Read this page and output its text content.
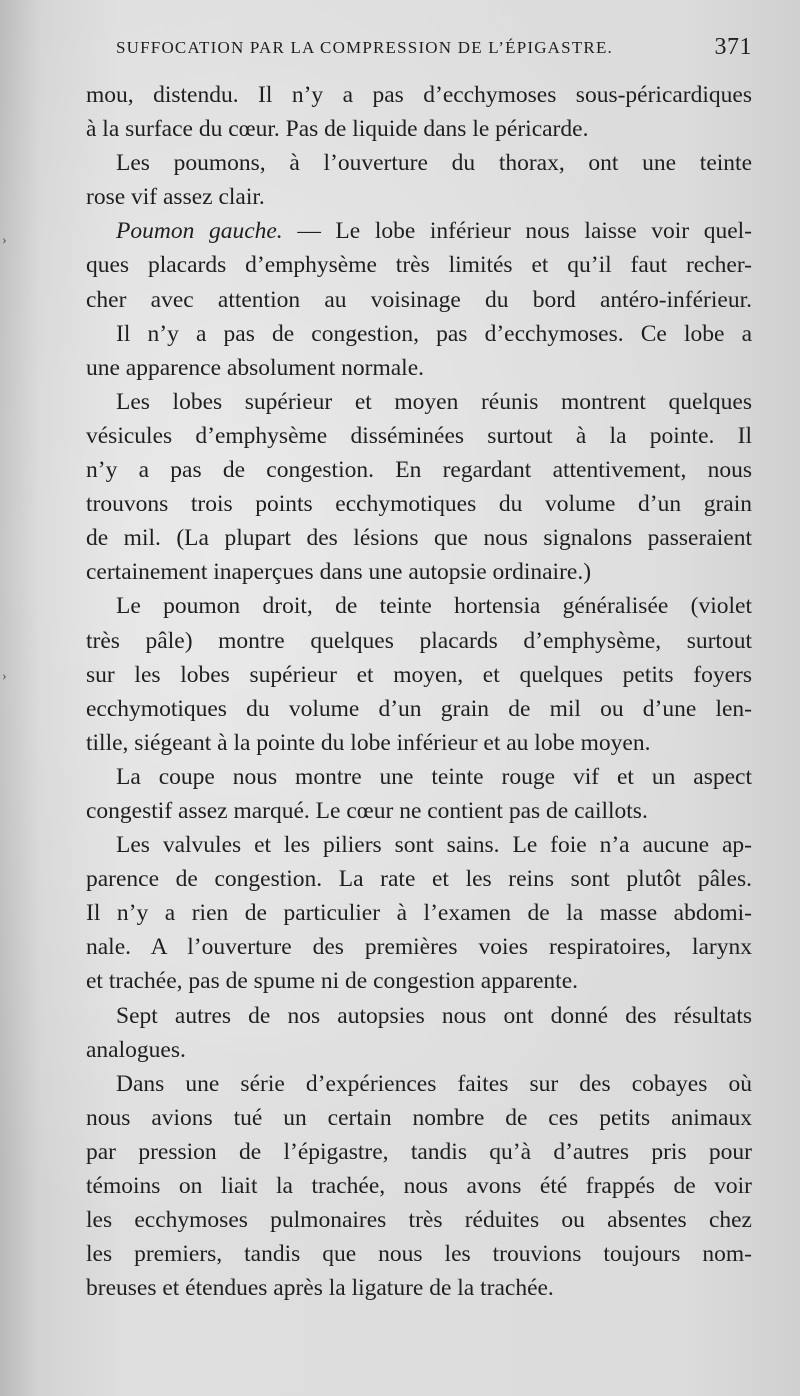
›
›
SUFFOCATION PAR LA COMPRESSION DE L’ÉPIGASTRE.	371
mou, distendu. Il n’y a pas d’ecchymoses sous-péricardiques
à la surface du cœur. Pas de liquide dans le péricarde.
Les poumons, à l’ouverture du thorax, ont une teinte
rose vif assez clair.
Poumon gauche. — Le lobe inférieur nous laisse voir quel-
ques placards d’emphysème très limités et qu’il faut recher-
cher avec attention au voisinage du bord antéro-inférieur.
Il n’y a pas de congestion, pas d’ecchymoses. Ce lobe a
une apparence absolument normale.
Les lobes supérieur et moyen réunis montrent quelques
vésicules d’emphysème disséminées surtout à la pointe. Il
n’y a pas de congestion. En regardant attentivement, nous
trouvons trois points ecchymotiques du volume d’un grain
de mil. (La plupart des lésions que nous signalons passeraient
certainement inaperçues dans une autopsie ordinaire.)
Le poumon droit, de teinte hortensia généralisée (violet
très pâle) montre quelques placards d’emphysème, surtout
sur les lobes supérieur et moyen, et quelques petits foyers
ecchymotiques du volume d’un grain de mil ou d’une len-
tille, siégeant à la pointe du lobe inférieur et au lobe moyen.
La coupe nous montre une teinte rouge vif et un aspect
congestif assez marqué. Le cœur ne contient pas de caillots.
Les valvules et les piliers sont sains. Le foie n’a aucune ap-
parence de congestion. La rate et les reins sont plutôt pâles.
Il n’y a rien de particulier à l’examen de la masse abdomi-
nale. A l’ouverture des premières voies respiratoires, larynx
et trachée, pas de spume ni de congestion apparente.
Sept autres de nos autopsies nous ont donné des résultats
analogues.
Dans une série d’expériences faites sur des cobayes où
nous avions tué un certain nombre de ces petits animaux
par pression de l’épigastre, tandis qu’à d’autres pris pour
témoins on liait la trachée, nous avons été frappés de voir
les ecchymoses pulmonaires très réduites ou absentes chez
les premiers, tandis que nous les trouvions toujours nom-
breuses et étendues après la ligature de la trachée.
